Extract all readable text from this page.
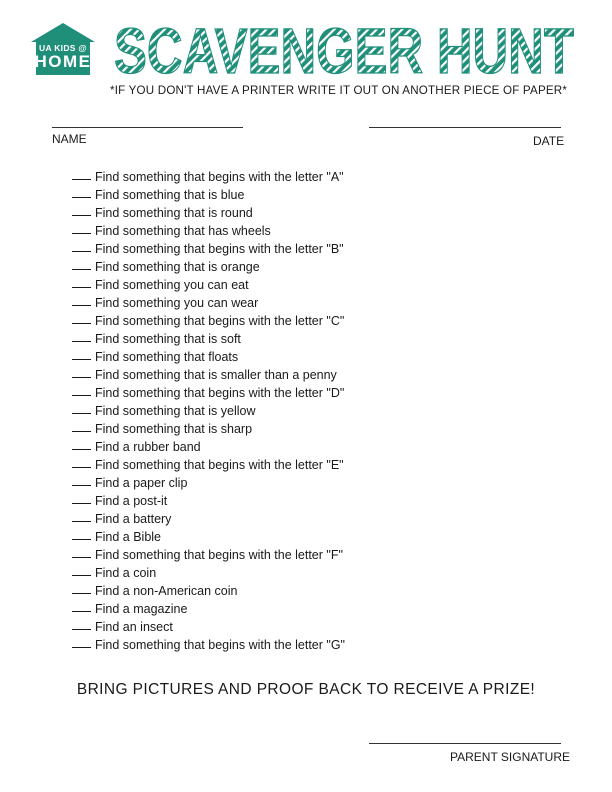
UA KIDS @
HOME SCAVENGER HUNT
*IF YOU DON'T HAVE A PRINTER WRITE IT OUT ON ANOTHER PIECE OF PAPER*
NAME	DATE
Find something that begins with the letter "A"
Find something that is blue
Find something that is round
Find something that has wheels
Find something that begins with the letter "B"
Find something that is orange
Find something you can eat
Find something you can wear
Find something that begins with the letter "C"
Find something that is soft
Find something that floats
Find something that is smaller than a penny
Find something that begins with the letter "D"
Find something that is yellow
Find something that is sharp
Find a rubber band
Find something that begins with the letter "E"
Find a paper clip
Find a post-it
Find a battery
Find a Bible
Find something that begins with the letter "F"
Find a coin
Find a non-American coin
Find a magazine
Find an insect
Find something that begins with the letter "G"
BRING PICTURES AND PROOF BACK TO RECEIVE A PRIZE!
PARENT SIGNATURE
